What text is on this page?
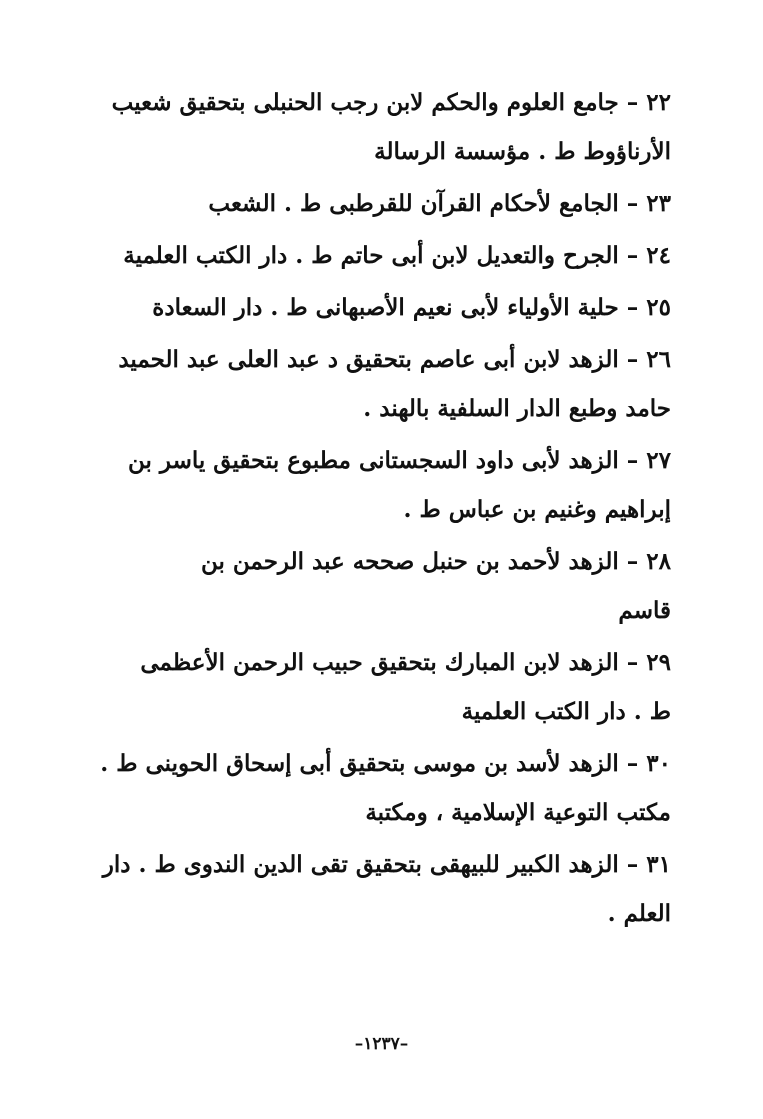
٢٢ – جامع العلوم والحكم لابن رجب الحنبلى بتحقيق شعيب
الأرناؤوط ط . مؤسسة الرسالة
٢٣ – الجامع لأحكام القرآن للقرطبى ط . الشعب
٢٤ – الجرح والتعديل لابن أبى حاتم ط . دار الكتب العلمية
٢٥ – حلية الأولياء لأبى نعيم الأصبهانى ط . دار السعادة
٢٦ – الزهد لابن أبى عاصم بتحقيق د عبد العلى عبد الحميد
حامد وطبع الدار السلفية بالهند .
٢٧ – الزهد لأبى داود السجستانى مطبوع بتحقيق ياسر بن
إبراهيم وغنيم بن عباس ط .
٢٨ – الزهد لأحمد بن حنبل صححه عبد الرحمن بن
قاسم
٢٩ – الزهد لابن المبارك بتحقيق حبيب الرحمن الأعظمى
ط . دار الكتب العلمية
٣٠ – الزهد لأسد بن موسى بتحقيق أبى إسحاق الحوينى ط .
مكتب التوعية الإسلامية ، ومكتبة
٣١ – الزهد الكبير للبيهقى بتحقيق تقى الدين الندوى ط . دار
العلم .
–١٢٣٧–
